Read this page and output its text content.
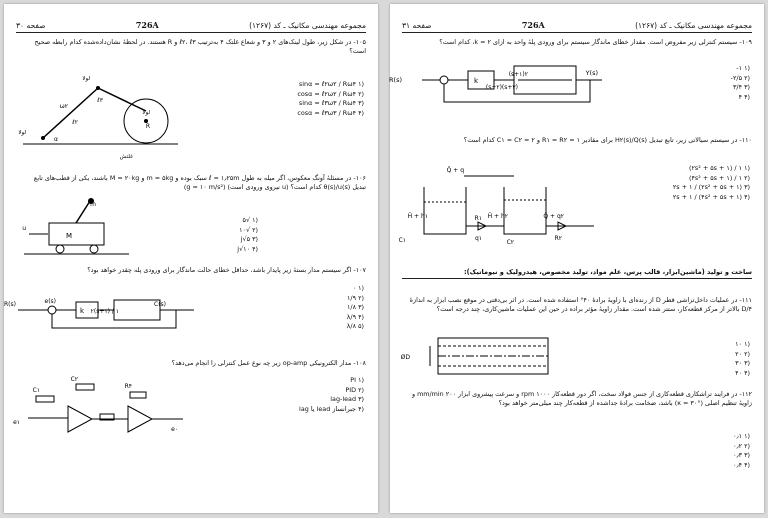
مجموعه مهندسی مکانیک ـ کد (۱۲۶۷)
726A
صفحه ۳۰
۱۰۵- در شکل زیر، طول لینک‌های ۲ و ۳ و شعاع غلتک ۴ به‌ترتیب ℓ۲، ℓ۳ و R هستند. در لحظهٔ نشان‌داده‌شده کدام رابطه صحیح است؟
ω۲
ℓ۳
ℓ۲
R
α
لولا
لولا
لولا
غلتش
(۱ sinα = ℓ۲ω۲ / Rω۴
(۲ cosα = ℓ۲ω۲ / Rω۴
(۳ sinα = ℓ۳ω۳ / Rω۴
(۴ cosα = ℓ۳ω۳ / Rω۴
۱۰۶- در مسئلهٔ آونگ معکوس، اگر میله به طول ℓ = ۱٫۲۵m سبک بوده و m = ۵kg و M = ۲۰kg باشند، یکی از قطب‌های تابع تبدیل θ(s)/u(s) کدام است؟ (u نیروی ورودی است) (g = ۱۰ m/s²)
M
u
m
(۱ √۵
(۲ √۱۰
(۳ j√۵
(۴ j√۱۰
۱۰۷- اگر سیستم مدار بستهٔ زیر پایدار باشد، حداقل خطای حالت ماندگار برای ورودی پله چقدر خواهد بود؟
R(s)	e(s)
k ۱ / (s+۱)۲
C(s)
(۱ ۰
(۲ ۱/۹
(۳ ۱/۸
(۴ λ/۹
(۵ λ/۸
۱۰۸- مدار الکترونیکی op-amp زیر چه نوع عمل کنترلی را انجام می‌دهد؟
e۱
C۱
C۲
R۴
e۰
(۱ PI
(۲ PID
(۳ lag-lead
(۴ جبرانساز lead یا lag
مجموعه مهندسی مکانیک ـ کد (۱۲۶۷)
726A
صفحه ۳۱
۱۰۹- سیستم کنترلی زیر مفروض است. مقدار خطای ماندگار سیستم برای ورودی پلهٔ واحد به ازای k = ۲، کدام است؟
R(s)	k
۲(s+۱)
(s+۳)(s+۲)
Y(s)
(۱ ۱-
(۲ ۲/۵-
(۳ ۳/۴
(۴ ۴
۱۱۰- در سیستم سیالاتی زیر، تابع تبدیل H۲(s)/Q(s) برای مقادیر R۱ = R۲ = ۱ و C۱ = C۲ = ۲ کدام است؟
Q̄ + q
H̄ + h۱	H̄ + h۲
C۱	C۲
R۱
q۱	R۲
Q̄ + q۲
(۱ ۱ / (۲s² + ۵s + ۱)
(۲ ۱ / (۴s² + ۵s + ۱)
(۳ ۲s + ۱ / (۲s² + ۵s + ۱)
(۴ ۲s + ۱ / (۴s² + ۵s + ۱)
ساخت و تولید (ماشین‌ابزار، قالب پرس، علم مواد، تولید مخصوص، هیدرولیک و نیوماتیک):
۱۱۱- در عملیات داخل‌تراشی قطر D از رنده‌ای با زاویهٔ برادهٔ ۴۰° استفاده شده است. در اثر بی‌دقتی در موقع نصب ابزار به اندازهٔ D/۴ بالاتر از مرکز قطعه‌کار، ستتر شده است. مقدار زاویهٔ مؤثر براده در حین این عملیات ماشین‌کاری، چند درجه است؟
ØD
(۱ ۱۰
(۲ ۲۰
(۳ ۳۰
(۴ ۴۰
۱۱۲- در فرایند تراشکاری قطعه‌کاری از جنس فولاد سخت، اگر دور قطعه‌کار ۱۰۰۰ rpm و سرعت پیشروی ابزار ۲۰۰ mm/min و زاویهٔ تنظیم اصلی (κ = ۳۰°) باشد، ضخامت برادهٔ جداشده از قطعه‌کار چند میلی‌متر خواهد بود؟
(۱ ۰٫۱
(۲ ۰٫۲
(۳ ۰٫۳
(۴ ۰٫۴
